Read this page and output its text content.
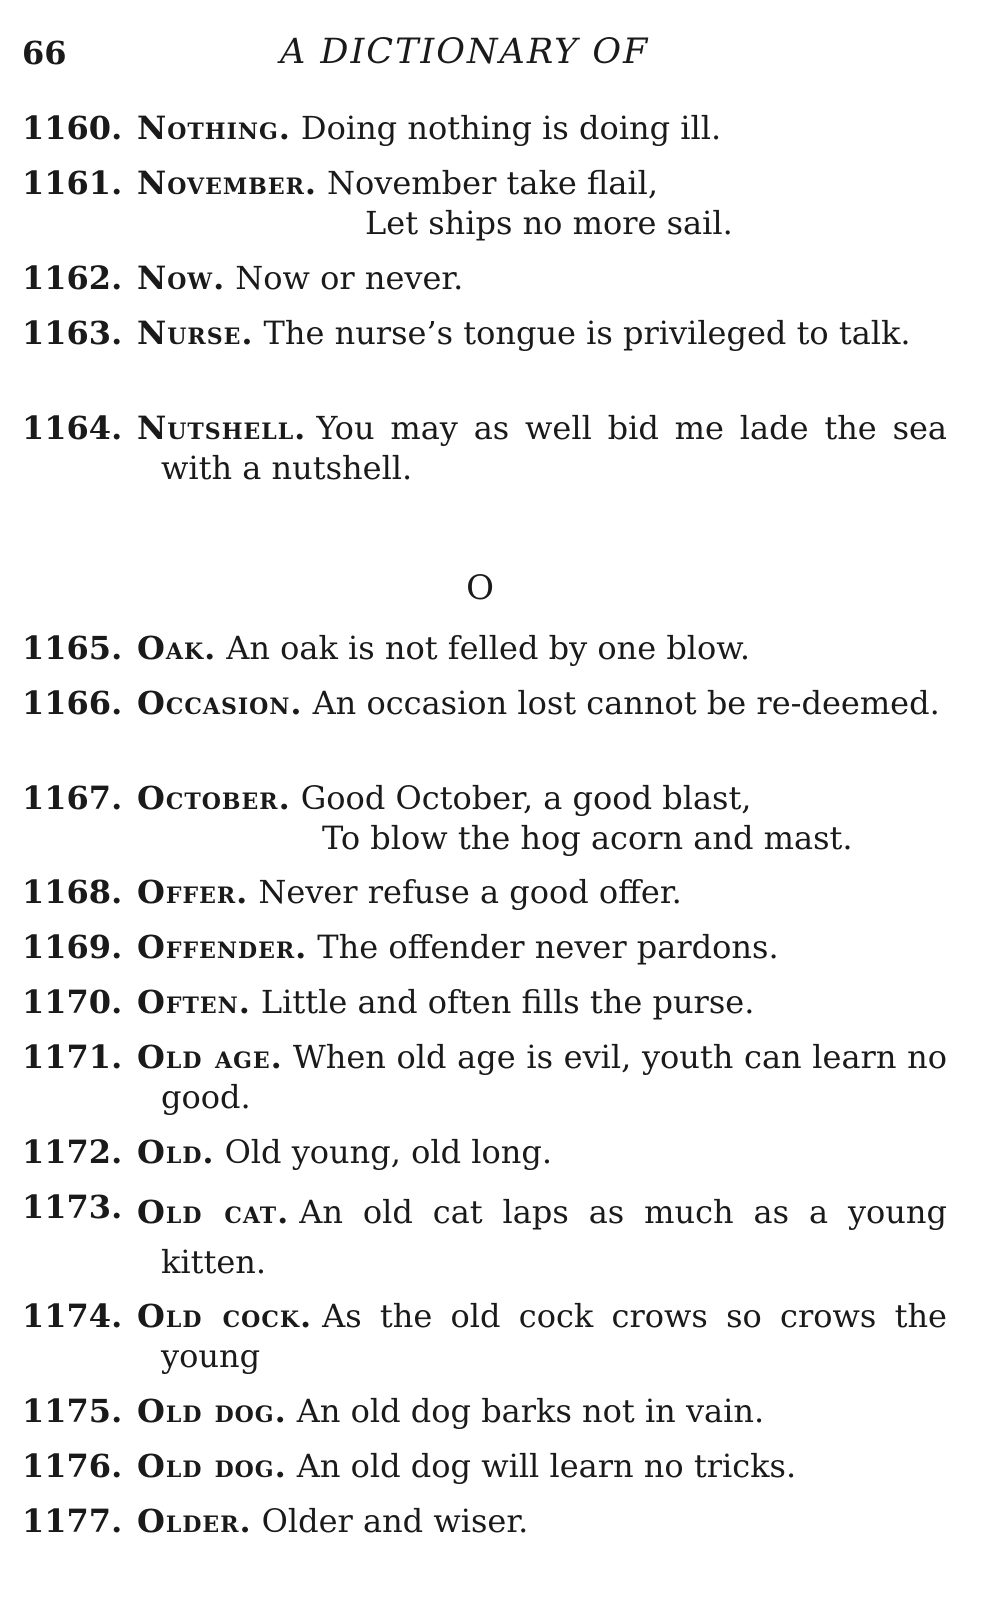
66	A DICTIONARY OF
1160. Nothing. Doing nothing is doing ill.
1161. November. November take flail,
Let ships no more sail.
1162. Now. Now or never.
1163. Nurse. The nurse’s tongue is privileged to talk.
1164. Nutshell. You may as well bid me lade the sea with a nutshell.
O
1165. Oak. An oak is not felled by one blow.
1166. Occasion. An occasion lost cannot be re-deemed.
1167. October. Good October, a good blast,
To blow the hog acorn and mast.
1168. Offer. Never refuse a good offer.
1169. Offender. The offender never pardons.
1170. Often. Little and often fills the purse.
1171. Old age. When old age is evil, youth can learn no good.
1172. Old. Old young, old long.
1173. Old cat. An old cat laps as much as a young kitten.
1174. Old cock. As the old cock crows so crows the young
1175. Old dog. An old dog barks not in vain.
1176. Old dog. An old dog will learn no tricks.
1177. Older. Older and wiser.
